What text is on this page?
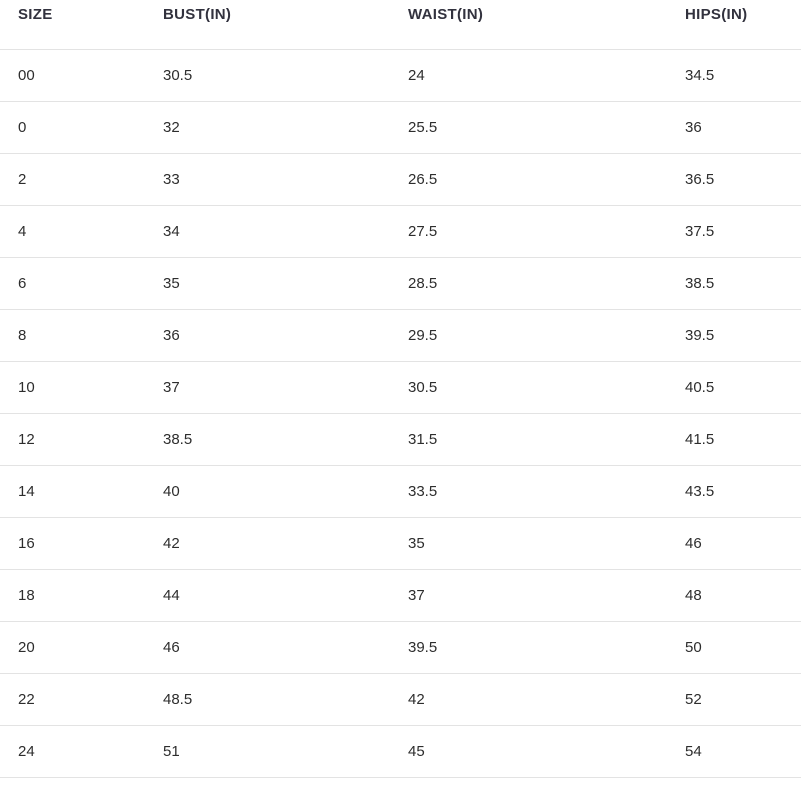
SIZE	BUST(IN)	WAIST(IN)	HIPS(IN)
00	30.5	24	34.5
0	32	25.5	36
2	33	26.5	36.5
4	34	27.5	37.5
6	35	28.5	38.5
8	36	29.5	39.5
10	37	30.5	40.5
12	38.5	31.5	41.5
14	40	33.5	43.5
16	42	35	46
18	44	37	48
20	46	39.5	50
22	48.5	42	52
24	51	45	54
